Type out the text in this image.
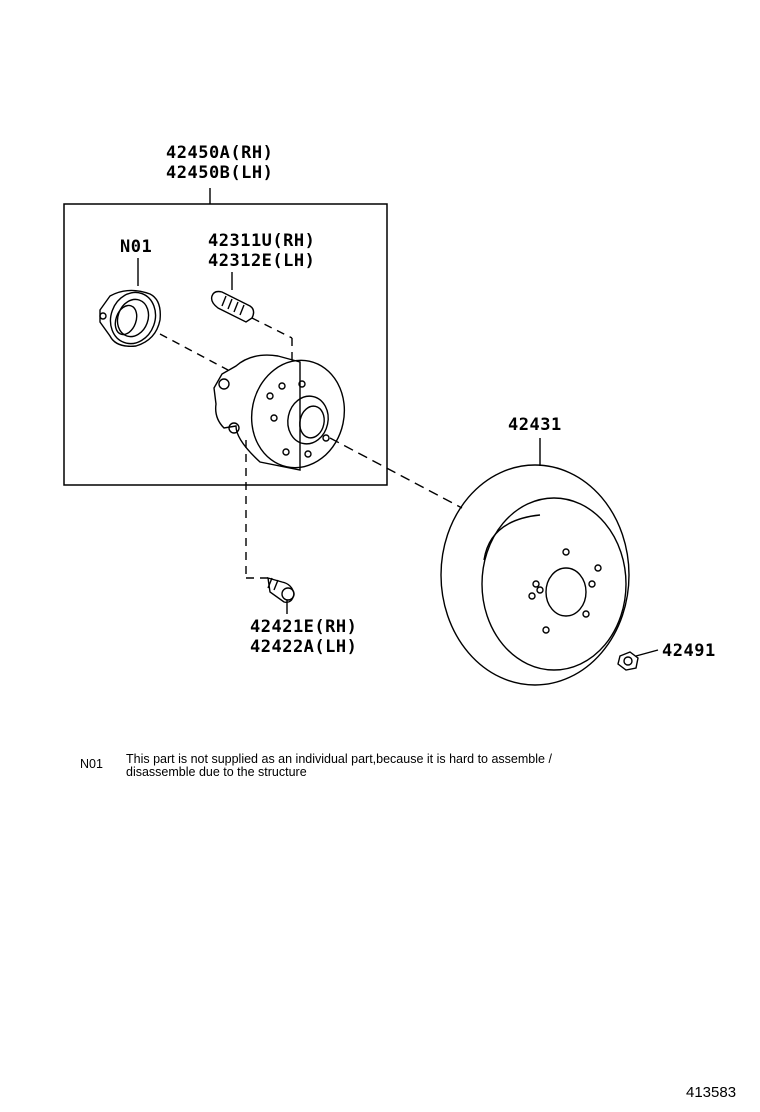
42450A(RH)
42450B(LH)
N01	42311U(RH)
42312E(LH)
42431
42421E(RH)
42422A(LH)	42491
N01 This part is not supplied as an individual part,because it is hard to assemble /
disassemble due to the structure
413583
